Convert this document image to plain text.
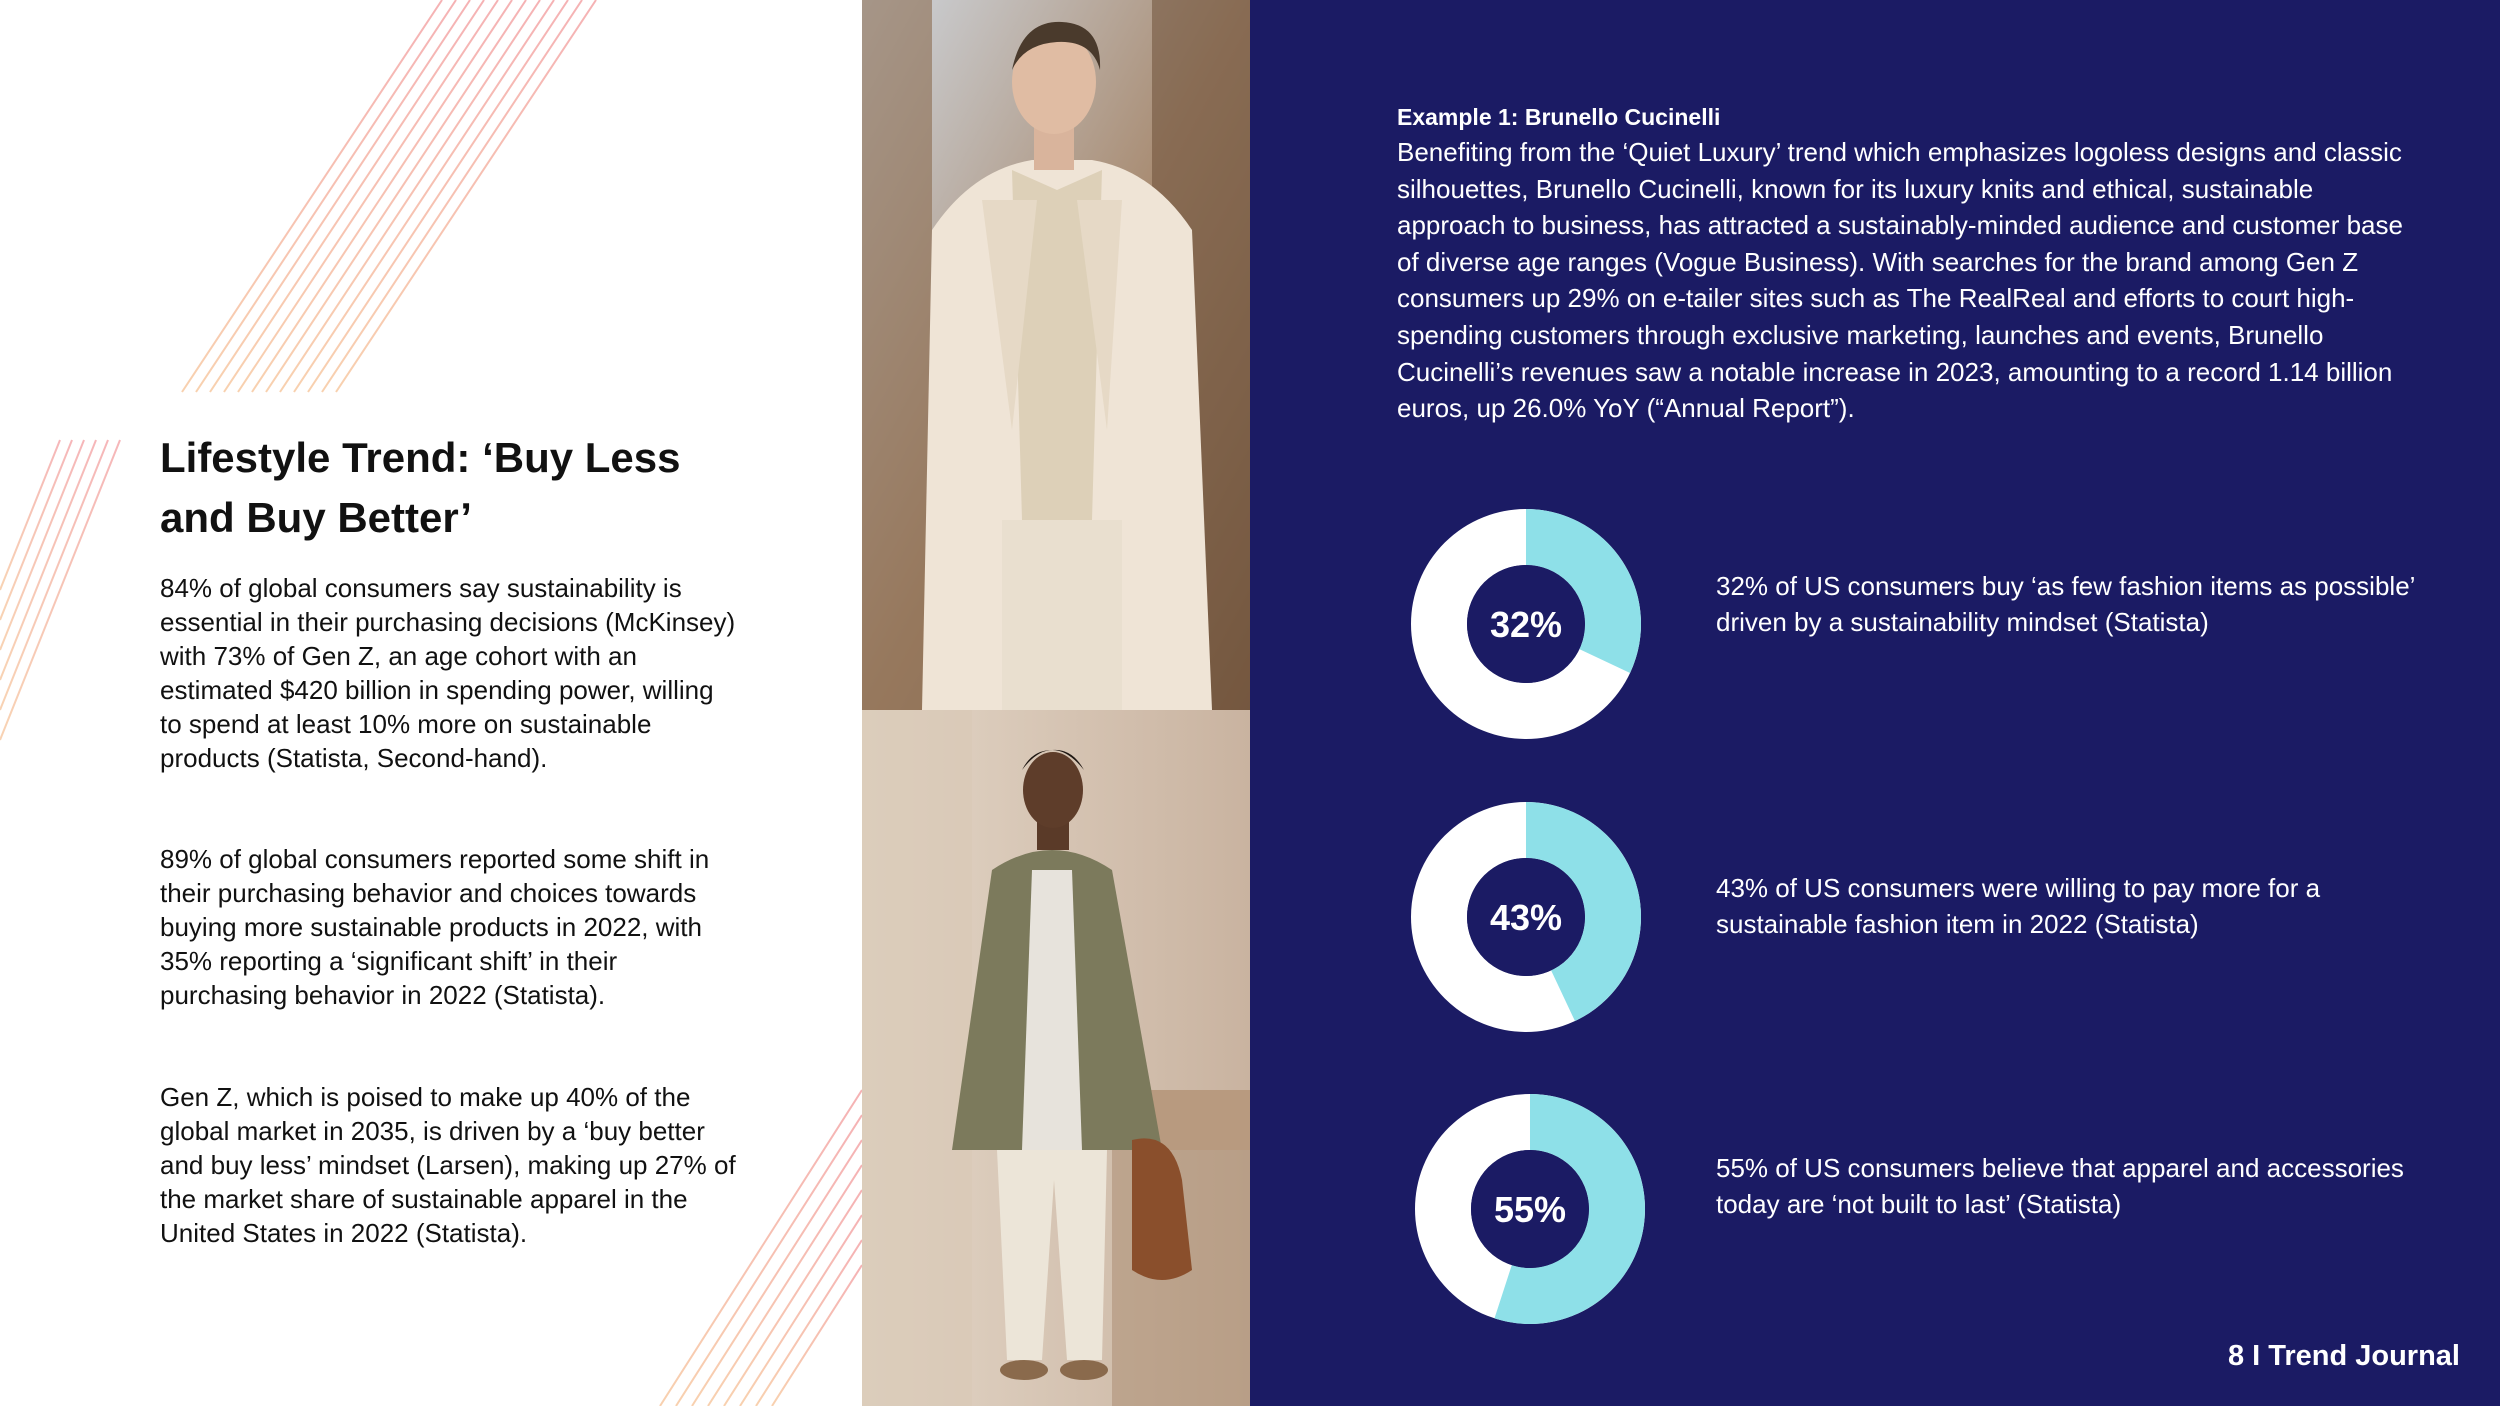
Lifestyle Trend: ‘Buy Less and Buy Better’
84% of global consumers say sustainability is essential in their purchasing decisions (McKinsey) with 73% of Gen Z, an age cohort with an estimated $420 billion in spending power, willing to spend at least 10% more on sustainable products (Statista, Second-hand).
89% of global consumers reported some shift in their purchasing behavior and choices towards buying more sustainable products in 2022, with 35% reporting a ‘significant shift’ in their purchasing behavior in 2022 (Statista).
Gen Z, which is poised to make up 40% of the global market in 2035, is driven by a ‘buy better and buy less’ mindset (Larsen), making up 27% of the market share of sustainable apparel in the United States in 2022 (Statista).
Example 1: Brunello Cucinelli
Benefiting from the ‘Quiet Luxury’ trend which emphasizes logoless designs and classic silhouettes, Brunello Cucinelli, known for its luxury knits and ethical, sustainable approach to business, has attracted a sustainably-minded audience and customer base of diverse age ranges (Vogue Business). With searches for the brand among Gen Z consumers up 29% on e-tailer sites such as The RealReal and efforts to court high-spending customers through exclusive marketing, launches and events, Brunello Cucinelli’s revenues saw a notable increase in 2023, amounting to a record 1.14 billion euros, up 26.0% YoY (“Annual Report”).
32%
32% of US consumers buy ‘as few fashion items as possible’ driven by a sustainability mindset (Statista)
43%
43% of US consumers were willing to pay more for a sustainable fashion item in 2022 (Statista)
55%
55% of US consumers believe that apparel and accessories today are ‘not built to last’ (Statista)
8 I Trend Journal
